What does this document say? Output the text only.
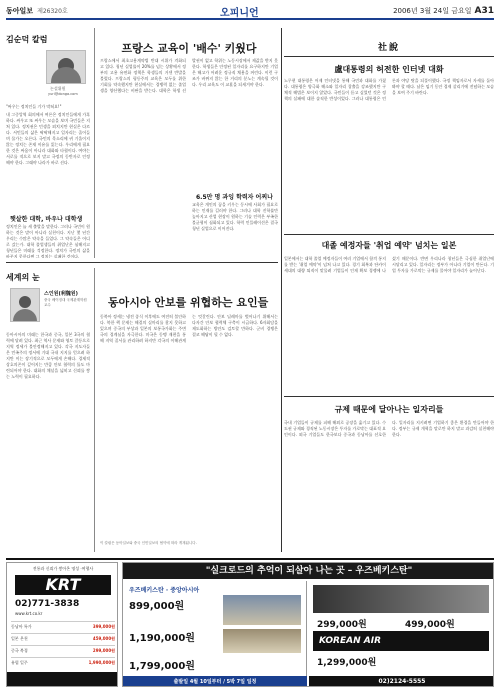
동아일보 제26320호	오피니언	2006년 3월 24일 금요일 A31
김순덕 칼럼
논설위원
yuri@donga.com
"싸우는 정치인들 기가 막혀요!"
내 그중앙역 회의에서 여론은 정치인들에게 가혹하다. 싸우고 또 싸우는 모습을 보며 국민들은 지쳐 있다. 정치권은 민생을 외치지만 현실은 다르다. 서민들의 삶은 팍팍해지고 일자리는 줄어들며 물가는 오른다. 국민의 목소리에 귀 기울이지 않는 정치는 존재 이유를 잃는다. 우리에게 필요한 것은 싸움이 아니라 대화와 타협이다. 여야는 서로를 적으로 보지 말고 국정의 동반자로 인정해야 한다. 그래야 나라가 바로 선다.
햇살한 대학, 바우나 대학생
정치인은 늘 새 출발을 말한다. 그러나 국민이 원하는 것은 말이 아니라 실천이다. 지난 몇 년간 우리는 수많은 약속을 들었다. 그 약속들은 어디로 갔는가. 대학 졸업생들의 취업난은 심해지고 청년들은 미래를 걱정한다. 정치가 국민의 삶을 바꾸지 못한다면 그 정치는 실패한 것이다.
프랑스 교육이 '배수' 키웠다
프랑스에서 최초고용계약법 반대 시위가 격화되고 있다. 청년 실업률이 20%를 넘는 상황에서 정부의 고용 유연화 정책은 학생들의 거센 반발을 불렀다. 프랑스의 평등주의 교육은 모두를 위한 기회를 약속했지만 현실에서는 경쟁력 없는 졸업생을 양산했다는 비판을 받는다. 대학은 학생 선발권이 없고 학위는 노동시장에서 제값을 받지 못한다. 학생들은 안정된 일자리를 요구하지만 기업은 해고가 어려운 정규직 채용을 꺼린다. 이런 구조가 바뀌지 않는 한 거리의 분노는 계속될 것이다. 우리 교육도 이 교훈을 되새겨야 한다.
6.5만 명 과잉 학력자 어찌나
교육은 개인의 꿈을 키우는 동시에 사회가 필요로 하는 인재를 길러야 한다. 그러나 대학 진학률만 높아지고 산업 현장이 원하는 기술 인력은 부족한 불균형이 심화되고 있다. 학력 인플레이션은 결국 청년 실업으로 이어진다.
세계의 눈
스인원(利魏원)
중국 베이징대 국제관계학원 교수
동아시아의 미래는 한국과 중국, 일본 3국의 협력에 달려 있다. 최근 역사 문제와 영토 갈등으로 지역 정세가 불안정해지고 있다. 각국 지도자들은 민족주의 정서에 기대 국내 지지를 얻으려 하지만 이는 장기적으로 모두에게 손해다. 경제적 상호의존이 깊어지는 만큼 안보 협력의 틀도 마련되어야 한다. 대화의 채널을 넓히고 신뢰를 쌓는 노력이 필요하다.
동아시아 안보를 위협하는 요인들
동북아 정세는 냉전 종식 이후에도 여전히 불안하다. 북한 핵 문제는 해결의 실마리를 찾지 못하고 있으며 중국의 부상과 일본의 보통국가화는 주변국의 경계심을 자극한다. 미국은 동맹 재편을 통해 지역 질서를 관리하려 하지만 각국의 이해관계는 엇갈린다. 안보 딜레마를 벗어나기 위해서는 다자간 안보 협력체 구축이 시급하다. 6자회담을 제도화하는 방안도 검토할 만하다. 군비 경쟁은 결코 해답이 될 수 없다.
이 칼럼은 동아일보와 중국 인민일보의 협약에 따라 게재됩니다.
社說
盧대통령의 허전한 인터넷 대화
노무현 대통령은 어제 인터넷을 통해 국민과 대화를 가졌다. 대통령은 양극화 해소와 일자리 창출을 강조했지만 구체적 해법은 보이지 않았다. 국민들이 듣고 싶었던 것은 정책의 실패에 대한 솔직한 반성이었다. 그러나 대통령은 언론과 야당 탓을 되풀이했다. 국정 책임자로서 자세를 돌아봐야 할 때다. 남은 임기 동안 경제 살리기에 전념하는 모습을 보여 주기 바란다.
대졸 예정자들 '취업 예약' 넘치는 일본
일본에서는 대학 졸업 예정자들이 여러 기업에서 합격 통지를 받는 '취업 예약'이 넘쳐 나고 있다. 경기 회복과 단카이 세대의 대량 퇴직이 맞물려 기업들이 인재 확보 경쟁에 나섰기 때문이다. 반면 우리나라 청년들은 극심한 취업난에 시달리고 있다. 일자리는 정부가 아니라 기업이 만든다. 기업 투자를 가로막는 규제를 풀어야 일자리가 늘어난다.
규제 때문에 달아나는 일자리들
국내 기업들이 규제를 피해 해외로 공장을 옮기고 있다. 수도권 규제와 경직된 노동시장은 투자를 가로막는 대표적 요인이다. 외국 기업들도 한국보다 중국과 동남아를 선호한다. 일자리를 지키려면 기업하기 좋은 환경을 만들어야 한다. 정부는 규제 개혁을 말로만 하지 말고 과감히 실천해야 한다.
전통과 신뢰가 쌓아온 명성 ·여행사
KRT
02)771-3838
www.krt.co.kr
동남아 특가	399,000원
일본 온천	459,000원
중국 북경	299,000원
유럽 일주	1,990,000원
"실크로드의 추억이 되살아 나는 곳 – 우즈베키스탄"
우즈베키스탄 · 중앙아시아
899,000원
1,190,000원
1,799,000원
출발일 4월 10일부터 / 5박 7일 일정
299,000원	499,000원
KOREAN AIR
1,299,000원
02)2124-5555
